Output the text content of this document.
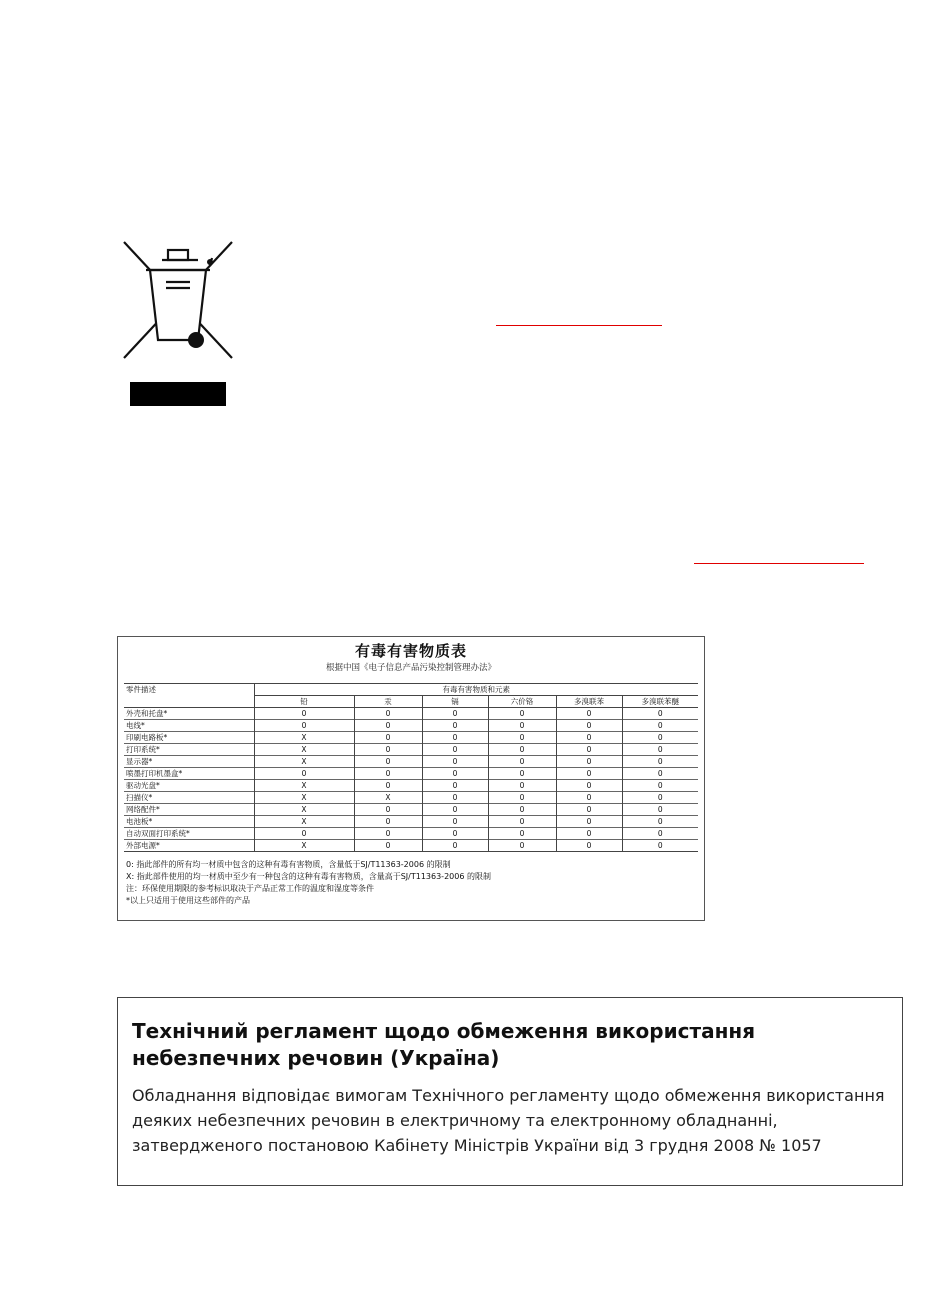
有毒有害物质表
根据中国《电子信息产品污染控制管理办法》
零件描述	有毒有害物质和元素					
	铅	汞	镉	六价铬	多溴联苯	多溴联苯醚
外壳和托盘*	0	0	0	0	0	0
电线*	0	0	0	0	0	0
印刷电路板*	X	0	0	0	0	0
打印系统*	X	0	0	0	0	0
显示器*	X	0	0	0	0	0
喷墨打印机墨盒*	0	0	0	0	0	0
驱动光盘*	X	0	0	0	0	0
扫描仪*	X	X	0	0	0	0
网络配件*	X	0	0	0	0	0
电池板*	X	0	0	0	0	0
自动双面打印系统*	0	0	0	0	0	0
外部电源*	X	0	0	0	0	0
0: 指此部件的所有均一材质中包含的这种有毒有害物质，含量低于SJ/T11363-2006 的限制
X: 指此部件使用的均一材质中至少有一种包含的这种有毒有害物质，含量高于SJ/T11363-2006 的限制
注：环保使用期限的参考标识取决于产品正常工作的温度和湿度等条件
*以上只适用于使用这些部件的产品
Технічний регламент щодо обмеження використання небезпечних речовин (Україна)
Обладнання відповідає вимогам Технічного регламенту щодо обмеження використання деяких небезпечних речовин в електричному та електронному обладнанні, затвердженого постановою Кабінету Міністрів України від 3 грудня 2008 № 1057
